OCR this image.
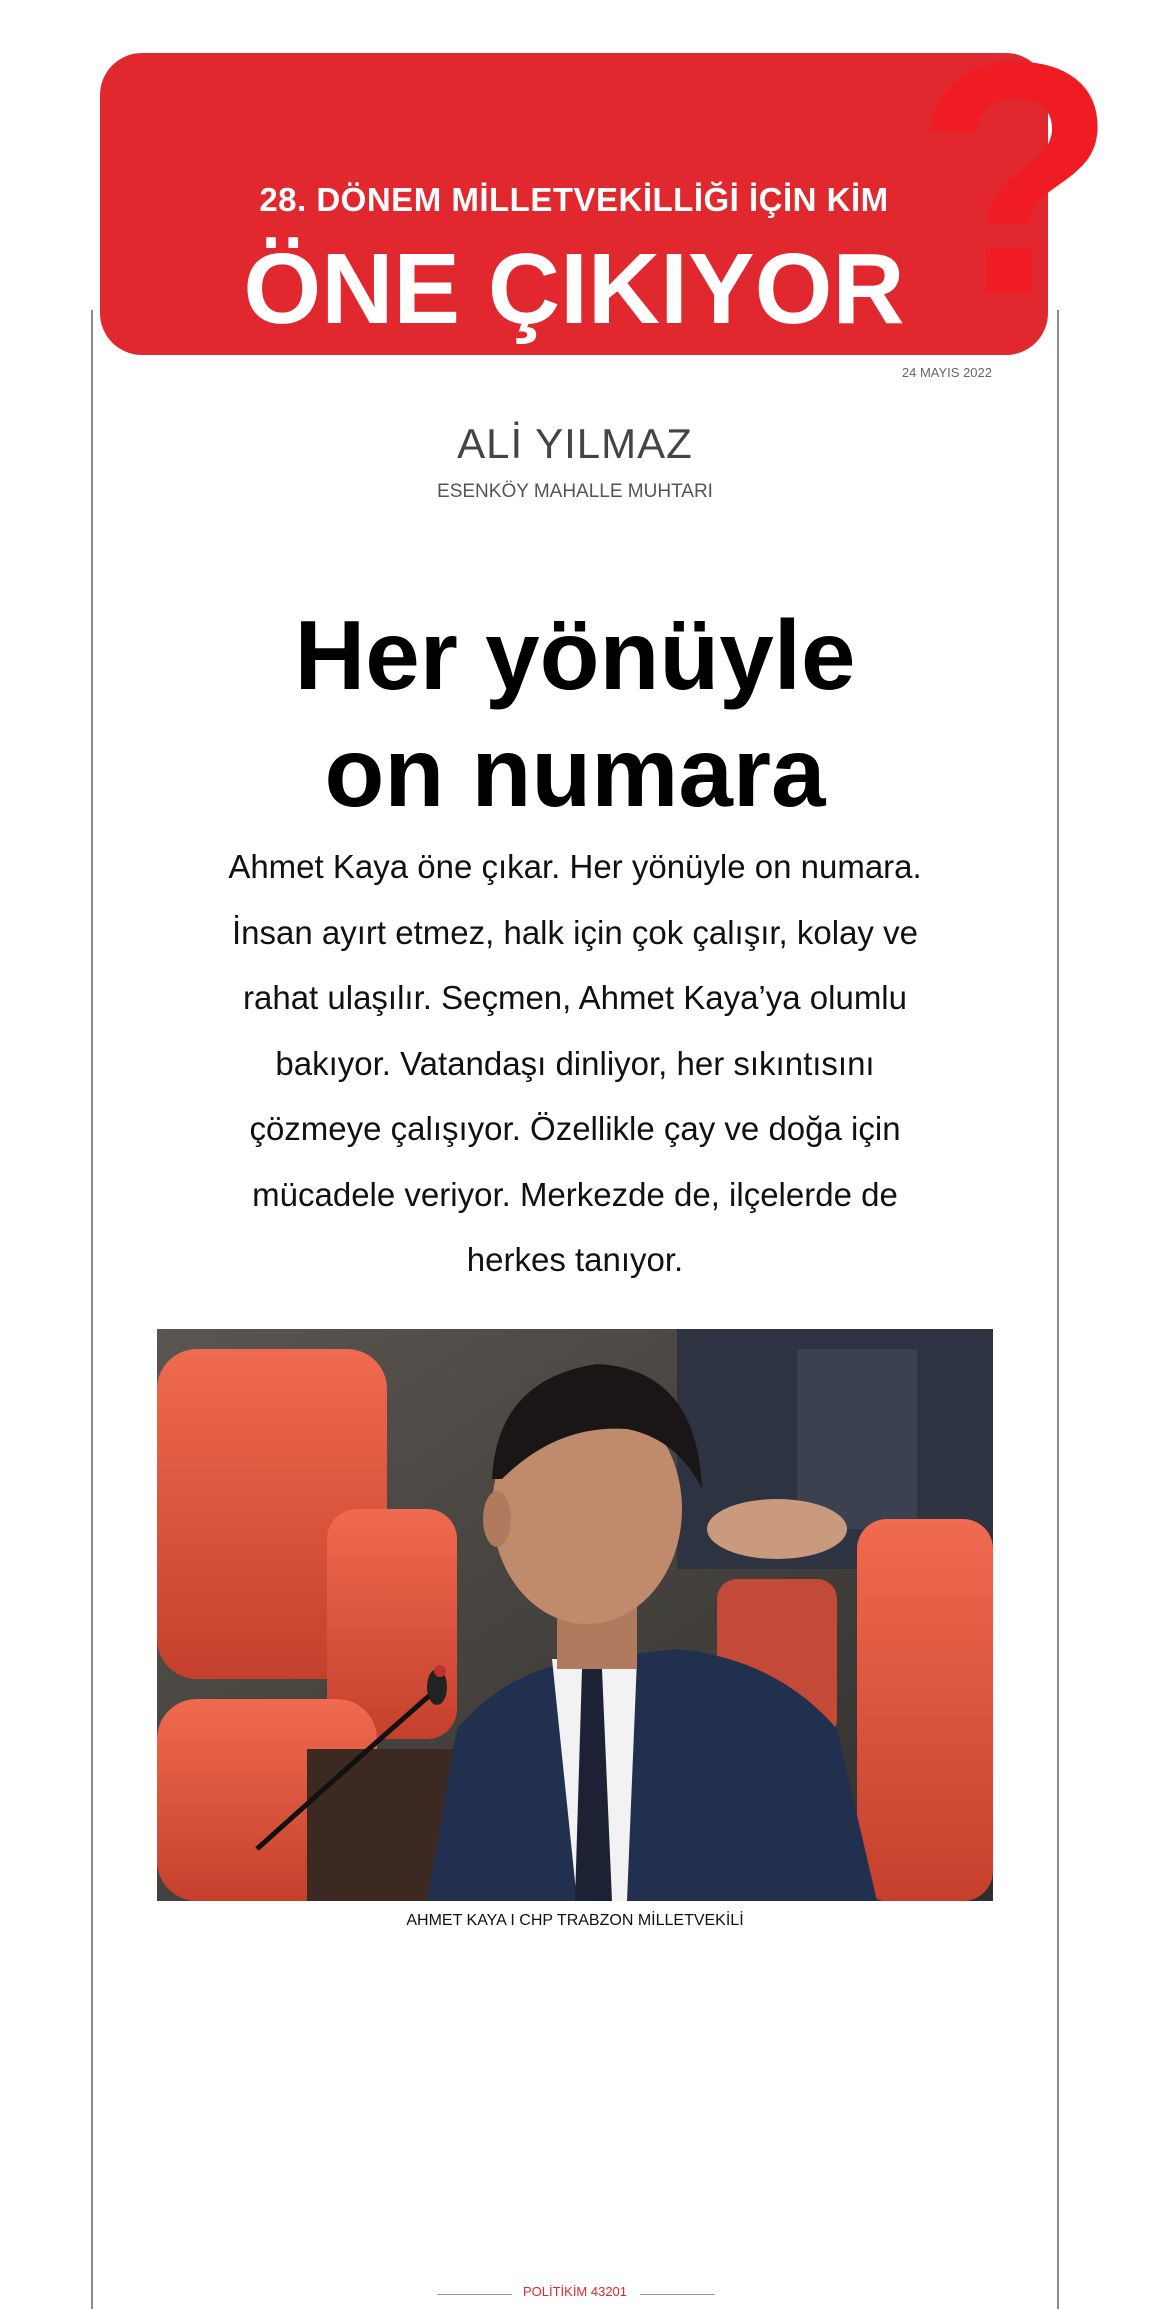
?
28. DÖNEM MİLLETVEKİLLİĞİ İÇİN KİM
ÖNE ÇIKIYOR
24 MAYIS 2022
ALİ YILMAZ
ESENKÖY MAHALLE MUHTARI
Her yönüyle
on numara
Ahmet Kaya öne çıkar. Her yönüyle on numara. İnsan ayırt etmez, halk için çok çalışır, kolay ve rahat ulaşılır. Seçmen, Ahmet Kaya’ya olumlu bakıyor. Vatandaşı dinliyor, her sıkıntısını çözmeye çalışıyor. Özellikle çay ve doğa için mücadele veriyor. Merkezde de, ilçelerde de herkes tanıyor.
AHMET KAYA I CHP TRABZON MİLLETVEKİLİ
POLİTİKİM 43201
